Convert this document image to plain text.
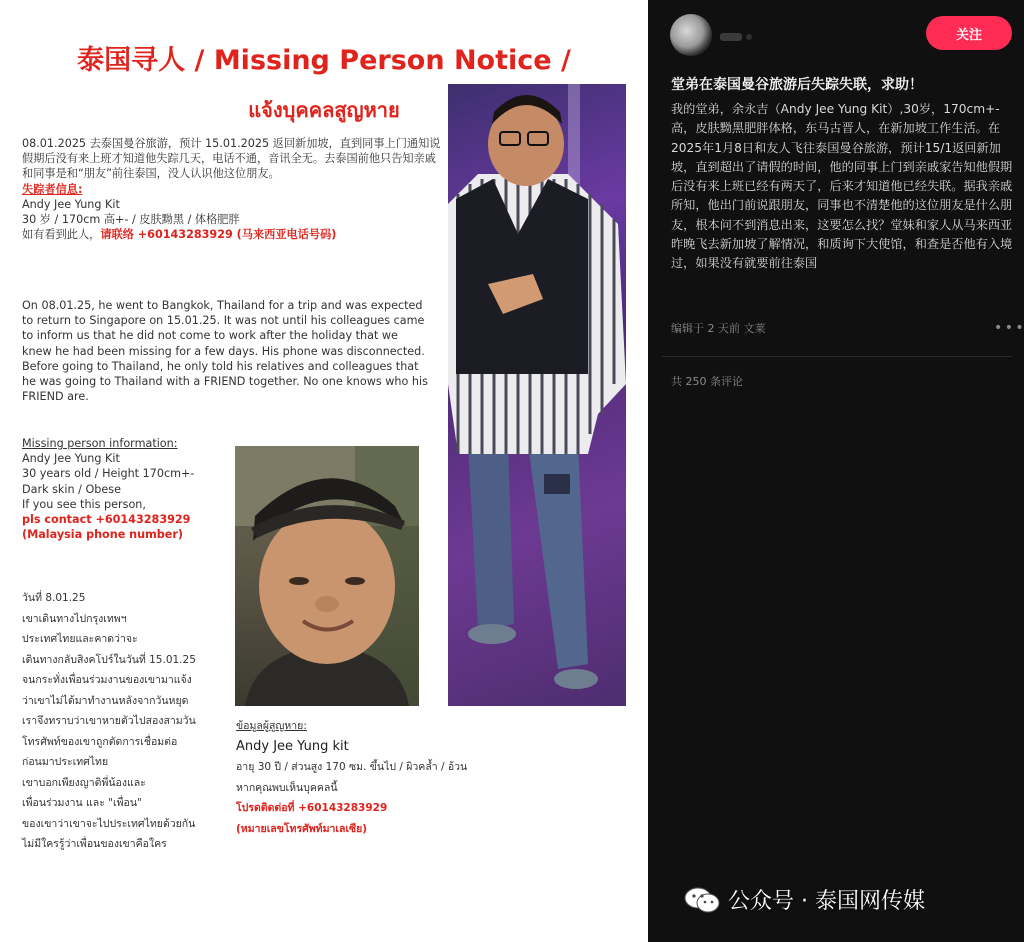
泰国寻人 / Missing Person Notice /
แจ้งบุคคลสูญหาย
08.01.2025 去泰国曼谷旅游，预计 15.01.2025 返回新加坡，直到同事上门通知说假期后没有来上班才知道他失踪几天，电话不通，音讯全无。去泰国前他只告知亲戚和同事是和“朋友”前往泰国，没人认识他这位朋友。
失踪者信息:
Andy Jee Yung Kit
30 岁 / 170cm 高+- / 皮肤黝黑 / 体格肥胖
如有看到此人，请联络 +60143283929 (马来西亚电话号码)
On 08.01.25, he went to Bangkok, Thailand for a trip and was expected to return to Singapore on 15.01.25. It was not until his colleagues came to inform us that he did not come to work after the holiday that we knew he had been missing for a few days. His phone was disconnected. Before going to Thailand, he only told his relatives and colleagues that he was going to Thailand with a FRIEND together. No one knows who his FRIEND are.
Missing person information:
Andy Jee Yung Kit
30 years old / Height 170cm+-
Dark skin / Obese
If you see this person,
pls contact +60143283929
(Malaysia phone number)
วันที่ 8.01.25
เขาเดินทางไปกรุงเทพฯ
ประเทศไทยและคาดว่าจะ
เดินทางกลับสิงคโปร์ในวันที่ 15.01.25
จนกระทั่งเพื่อนร่วมงานของเขามาแจ้ง
ว่าเขาไม่ได้มาทำงานหลังจากวันหยุด
เราจึงทราบว่าเขาหายตัวไปสองสามวัน
โทรศัพท์ของเขาถูกตัดการเชื่อมต่อ
ก่อนมาประเทศไทย
เขาบอกเพียงญาติพี่น้องและ
เพื่อนร่วมงาน และ "เพื่อน"
ของเขาว่าเขาจะไปประเทศไทยด้วยกัน
ไม่มีใครรู้ว่าเพื่อนของเขาคือใคร
ข้อมูลผู้สูญหาย:
Andy Jee Yung kit
อายุ 30 ปี / ส่วนสูง 170 ซม. ขึ้นไป / ผิวคล้ำ / อ้วน
หากคุณพบเห็นบุคคลนี้
โปรดติดต่อที่ +60143283929
(หมายเลขโทรศัพท์มาเลเซีย)
关注
堂弟在泰国曼谷旅游后失踪失联，求助！
我的堂弟，余永吉（Andy Jee Yung Kit）,30岁，170cm+- 高，皮肤黝黑肥胖体格，东马古晋人，在新加坡工作生活。在2025年1月8日和友人飞往泰国曼谷旅游，预计15/1返回新加坡，直到超出了请假的时间，他的同事上门到亲戚家告知他假期后没有来上班已经有两天了，后来才知道他已经失联。据我亲戚所知，他出门前说跟朋友，同事也不清楚他的这位朋友是什么朋友，根本问不到消息出来，这要怎么找？堂妹和家人从马来西亚昨晚飞去新加坡了解情况，和质询下大使馆，和查是否他有入境过，如果没有就要前往泰国
编辑于 2 天前 文莱	• • •
共 250 条评论
公众号 · 泰国网传媒
